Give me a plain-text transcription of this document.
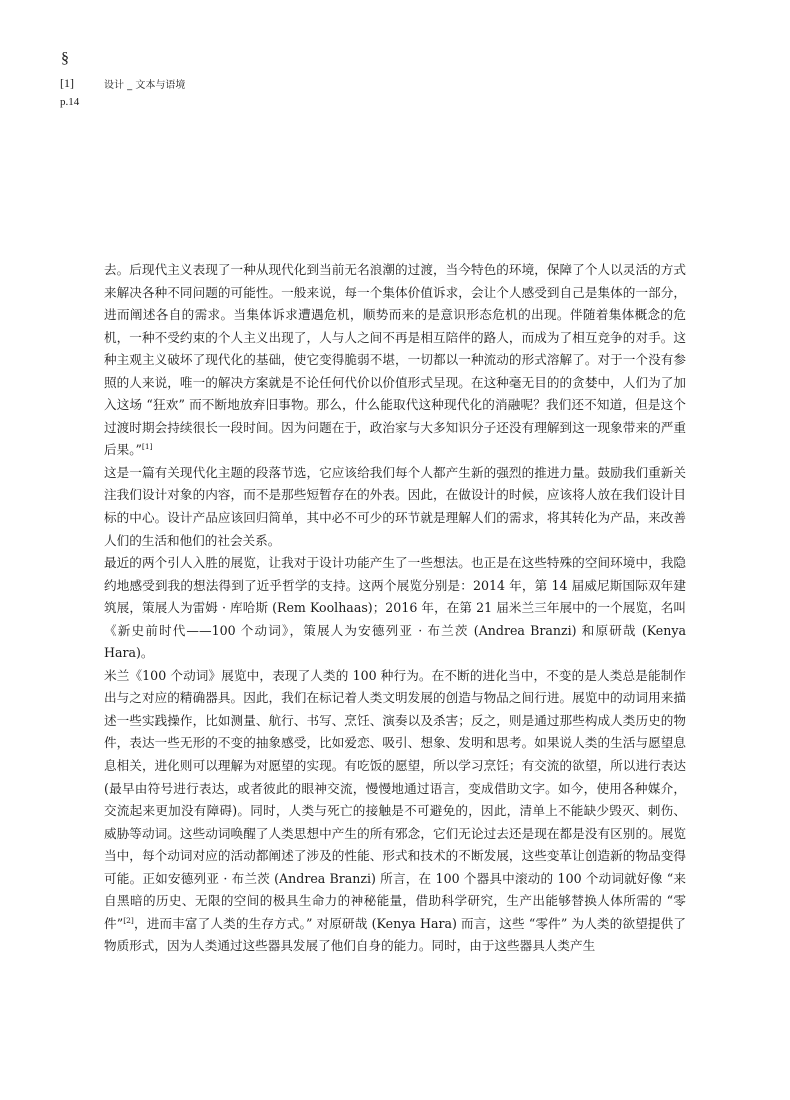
§
[1]	设计 _ 文本与语境
p.14

去。后现代主义表现了一种从现代化到当前无名浪潮的过渡，当今特色的环境，保障了个人以灵活的方式来解决各种不同问题的可能性。一般来说，每一个集体价值诉求，会让个人感受到自己是集体的一部分，进而阐述各自的需求。当集体诉求遭遇危机，顺势而来的是意识形态危机的出现。伴随着集体概念的危机，一种不受约束的个人主义出现了，人与人之间不再是相互陪伴的路人，而成为了相互竞争的对手。这种主观主义破坏了现代化的基础，使它变得脆弱不堪，一切都以一种流动的形式溶解了。对于一个没有参照的人来说，唯一的解决方案就是不论任何代价以价值形式呈现。在这种毫无目的的贪婪中，人们为了加入这场 “狂欢” 而不断地放弃旧事物。那么，什么能取代这种现代化的消融呢？我们还不知道，但是这个过渡时期会持续很长一段时间。因为问题在于，政治家与大多知识分子还没有理解到这一现象带来的严重后果。”[1]

这是一篇有关现代化主题的段落节选，它应该给我们每个人都产生新的强烈的推进力量。鼓励我们重新关注我们设计对象的内容，而不是那些短暂存在的外表。因此，在做设计的时候，应该将人放在我们设计目标的中心。设计产品应该回归简单，其中必不可少的环节就是理解人们的需求，将其转化为产品，来改善人们的生活和他们的社会关系。

最近的两个引人入胜的展览，让我对于设计功能产生了一些想法。也正是在这些特殊的空间环境中，我隐约地感受到我的想法得到了近乎哲学的支持。这两个展览分别是：2014 年，第 14 届威尼斯国际双年建筑展，策展人为雷姆 · 库哈斯 (Rem Koolhaas)；2016 年，在第 21 届米兰三年展中的一个展览，名叫《新史前时代——100 个动词》，策展人为安德列亚 · 布兰茨 (Andrea Branzi) 和原研哉 (Kenya Hara)。

米兰《100 个动词》展览中，表现了人类的 100 种行为。在不断的进化当中，不变的是人类总是能制作出与之对应的精确器具。因此，我们在标记着人类文明发展的创造与物品之间行进。展览中的动词用来描述一些实践操作，比如测量、航行、书写、烹饪、演奏以及杀害；反之，则是通过那些构成人类历史的物件，表达一些无形的不变的抽象感受，比如爱恋、吸引、想象、发明和思考。如果说人类的生活与愿望息息相关，进化则可以理解为对愿望的实现。有吃饭的愿望，所以学习烹饪；有交流的欲望，所以进行表达 (最早由符号进行表达，或者彼此的眼神交流，慢慢地通过语言，变成借助文字。如今，使用各种媒介，交流起来更加没有障碍)。同时，人类与死亡的接触是不可避免的，因此，清单上不能缺少毁灭、刺伤、威胁等动词。这些动词唤醒了人类思想中产生的所有邪念，它们无论过去还是现在都是没有区别的。展览当中，每个动词对应的活动都阐述了涉及的性能、形式和技术的不断发展，这些变革让创造新的物品变得可能。正如安德列亚 · 布兰茨 (Andrea Branzi) 所言，在 100 个器具中滚动的 100 个动词就好像 “来自黑暗的历史、无限的空间的极具生命力的神秘能量，借助科学研究，生产出能够替换人体所需的 “零件”[2]，进而丰富了人类的生存方式。” 对原研哉 (Kenya Hara) 而言，这些 “零件” 为人类的欲望提供了物质形式，因为人类通过这些器具发展了他们自身的能力。同时，由于这些器具人类产生
